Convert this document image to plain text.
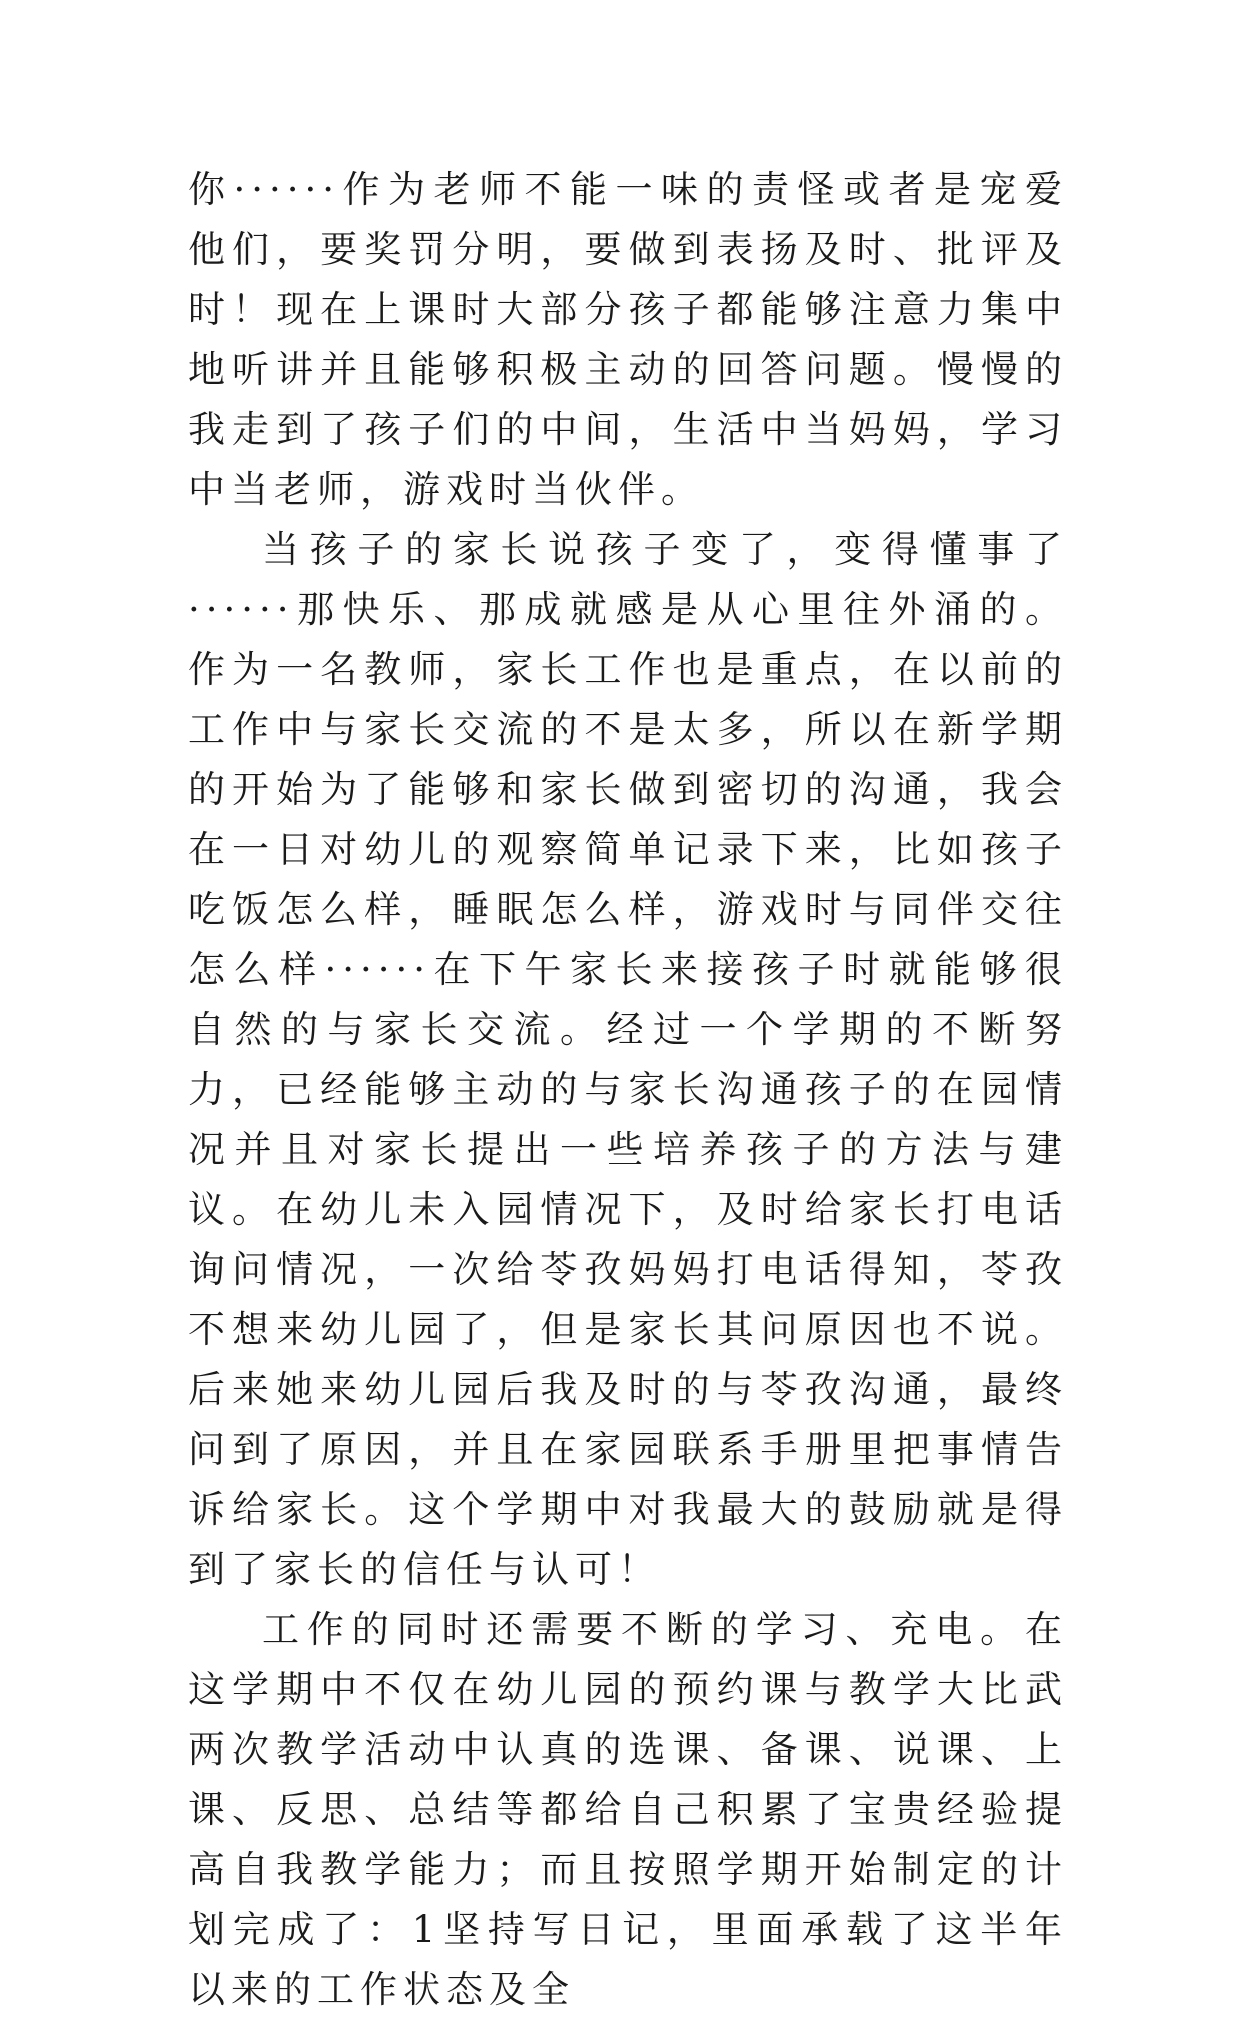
你······作为老师不能一味的责怪或者是宠爱他们，要奖罚分明，要做到表扬及时、批评及时！现在上课时大部分孩子都能够注意力集中地听讲并且能够积极主动的回答问题。慢慢的我走到了孩子们的中间，生活中当妈妈，学习中当老师，游戏时当伙伴。

当孩子的家长说孩子变了，变得懂事了······那快乐、那成就感是从心里往外涌的。作为一名教师，家长工作也是重点，在以前的工作中与家长交流的不是太多，所以在新学期的开始为了能够和家长做到密切的沟通，我会在一日对幼儿的观察简单记录下来，比如孩子吃饭怎么样，睡眠怎么样，游戏时与同伴交往怎么样······在下午家长来接孩子时就能够很自然的与家长交流。经过一个学期的不断努力，已经能够主动的与家长沟通孩子的在园情况并且对家长提出一些培养孩子的方法与建议。在幼儿未入园情况下，及时给家长打电话询问情况，一次给苓孜妈妈打电话得知，苓孜不想来幼儿园了，但是家长其问原因也不说。后来她来幼儿园后我及时的与苓孜沟通，最终问到了原因，并且在家园联系手册里把事情告诉给家长。这个学期中对我最大的鼓励就是得到了家长的信任与认可！

工作的同时还需要不断的学习、充电。在这学期中不仅在幼儿园的预约课与教学大比武两次教学活动中认真的选课、备课、说课、上课、反思、总结等都给自己积累了宝贵经验提高自我教学能力；而且按照学期开始制定的计划完成了：1坚持写日记，里面承载了这半年以来的工作状态及全
